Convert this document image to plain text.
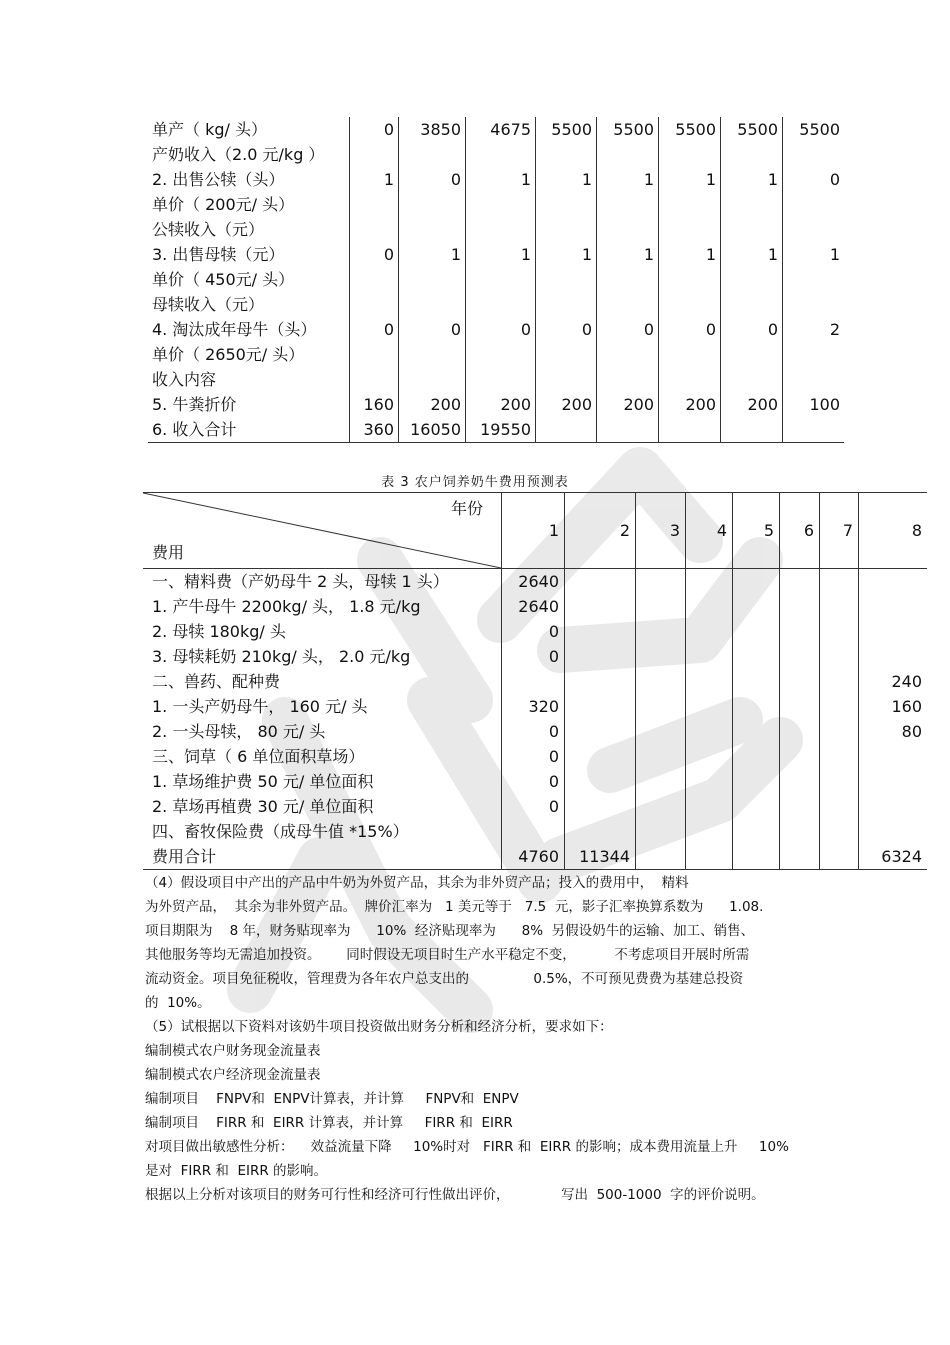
单产（ kg/ 头）	0	3850	4675	5500	5500	5500	5500	5500
产奶收入（2.0 元/kg ）								
2. 出售公犊（头）	1	0	1	1	1	1	1	0
单价（ 200元/ 头）								
公犊收入（元）								
3. 出售母犊（元）	0	1	1	1	1	1	1	1
单价（ 450元/ 头）								
母犊收入（元）								
4. 淘汰成年母牛（头）	0	0	0	0	0	0	0	2
单价（ 2650元/ 头）								
收入内容								
5. 牛粪折价	160	200	200	200	200	200	200	100
6. 收入合计	360	16050	19550					
表 3 农户饲养奶牛费用预测表
年份
费用	1	2	3	4	5	6	7	8
一、精料费（产奶母牛 2 头，母犊 1 头）	2640							
1. 产牛母牛 2200kg/ 头， 1.8 元/kg	2640							
2. 母犊 180kg/ 头	0							
3. 母犊耗奶 210kg/ 头， 2.0 元/kg	0							
二、兽药、配种费								240
1. 一头产奶母牛， 160 元/ 头	320							160
2. 一头母犊， 80 元/ 头	0							80
三、饲草（ 6 单位面积草场）	0							
1. 草场维护费 50 元/ 单位面积	0							
2. 草场再植费 30 元/ 单位面积	0							
四、畜牧保险费（成母牛值 *15%）								
费用合计	4760	11344						6324

（4）假设项目中产出的产品中牛奶为外贸产品，其余为非外贸产品；投入的费用中，  精料

为外贸产品，  其余为非外贸产品。  牌价汇率为   1 美元等于   7.5  元，影子汇率换算系数为      1.08.

项目期限为    8 年，财务贴现率为      10%  经济贴现率为      8%  另假设奶牛的运输、加工、销售、

其他服务等均无需追加投资。      同时假设无项目时生产水平稳定不变，         不考虑项目开展时所需

流动资金。项目免征税收，管理费为各年农户总支出的               0.5%，不可预见费费为基建总投资

的  10%。

（5）试根据以下资料对该奶牛项目投资做出财务分析和经济分析，要求如下：

编制模式农户财务现金流量表

编制模式农户经济现金流量表

编制项目    FNPV和  ENPV计算表，并计算     FNPV和  ENPV

编制项目    FIRR 和  EIRR 计算表，并计算     FIRR 和  EIRR

对项目做出敏感性分析：    效益流量下降     10%时对   FIRR 和  EIRR 的影响；成本费用流量上升     10%

是对  FIRR 和  EIRR 的影响。

根据以上分析对该项目的财务可行性和经济可行性做出评价，            写出  500-1000  字的评价说明。
